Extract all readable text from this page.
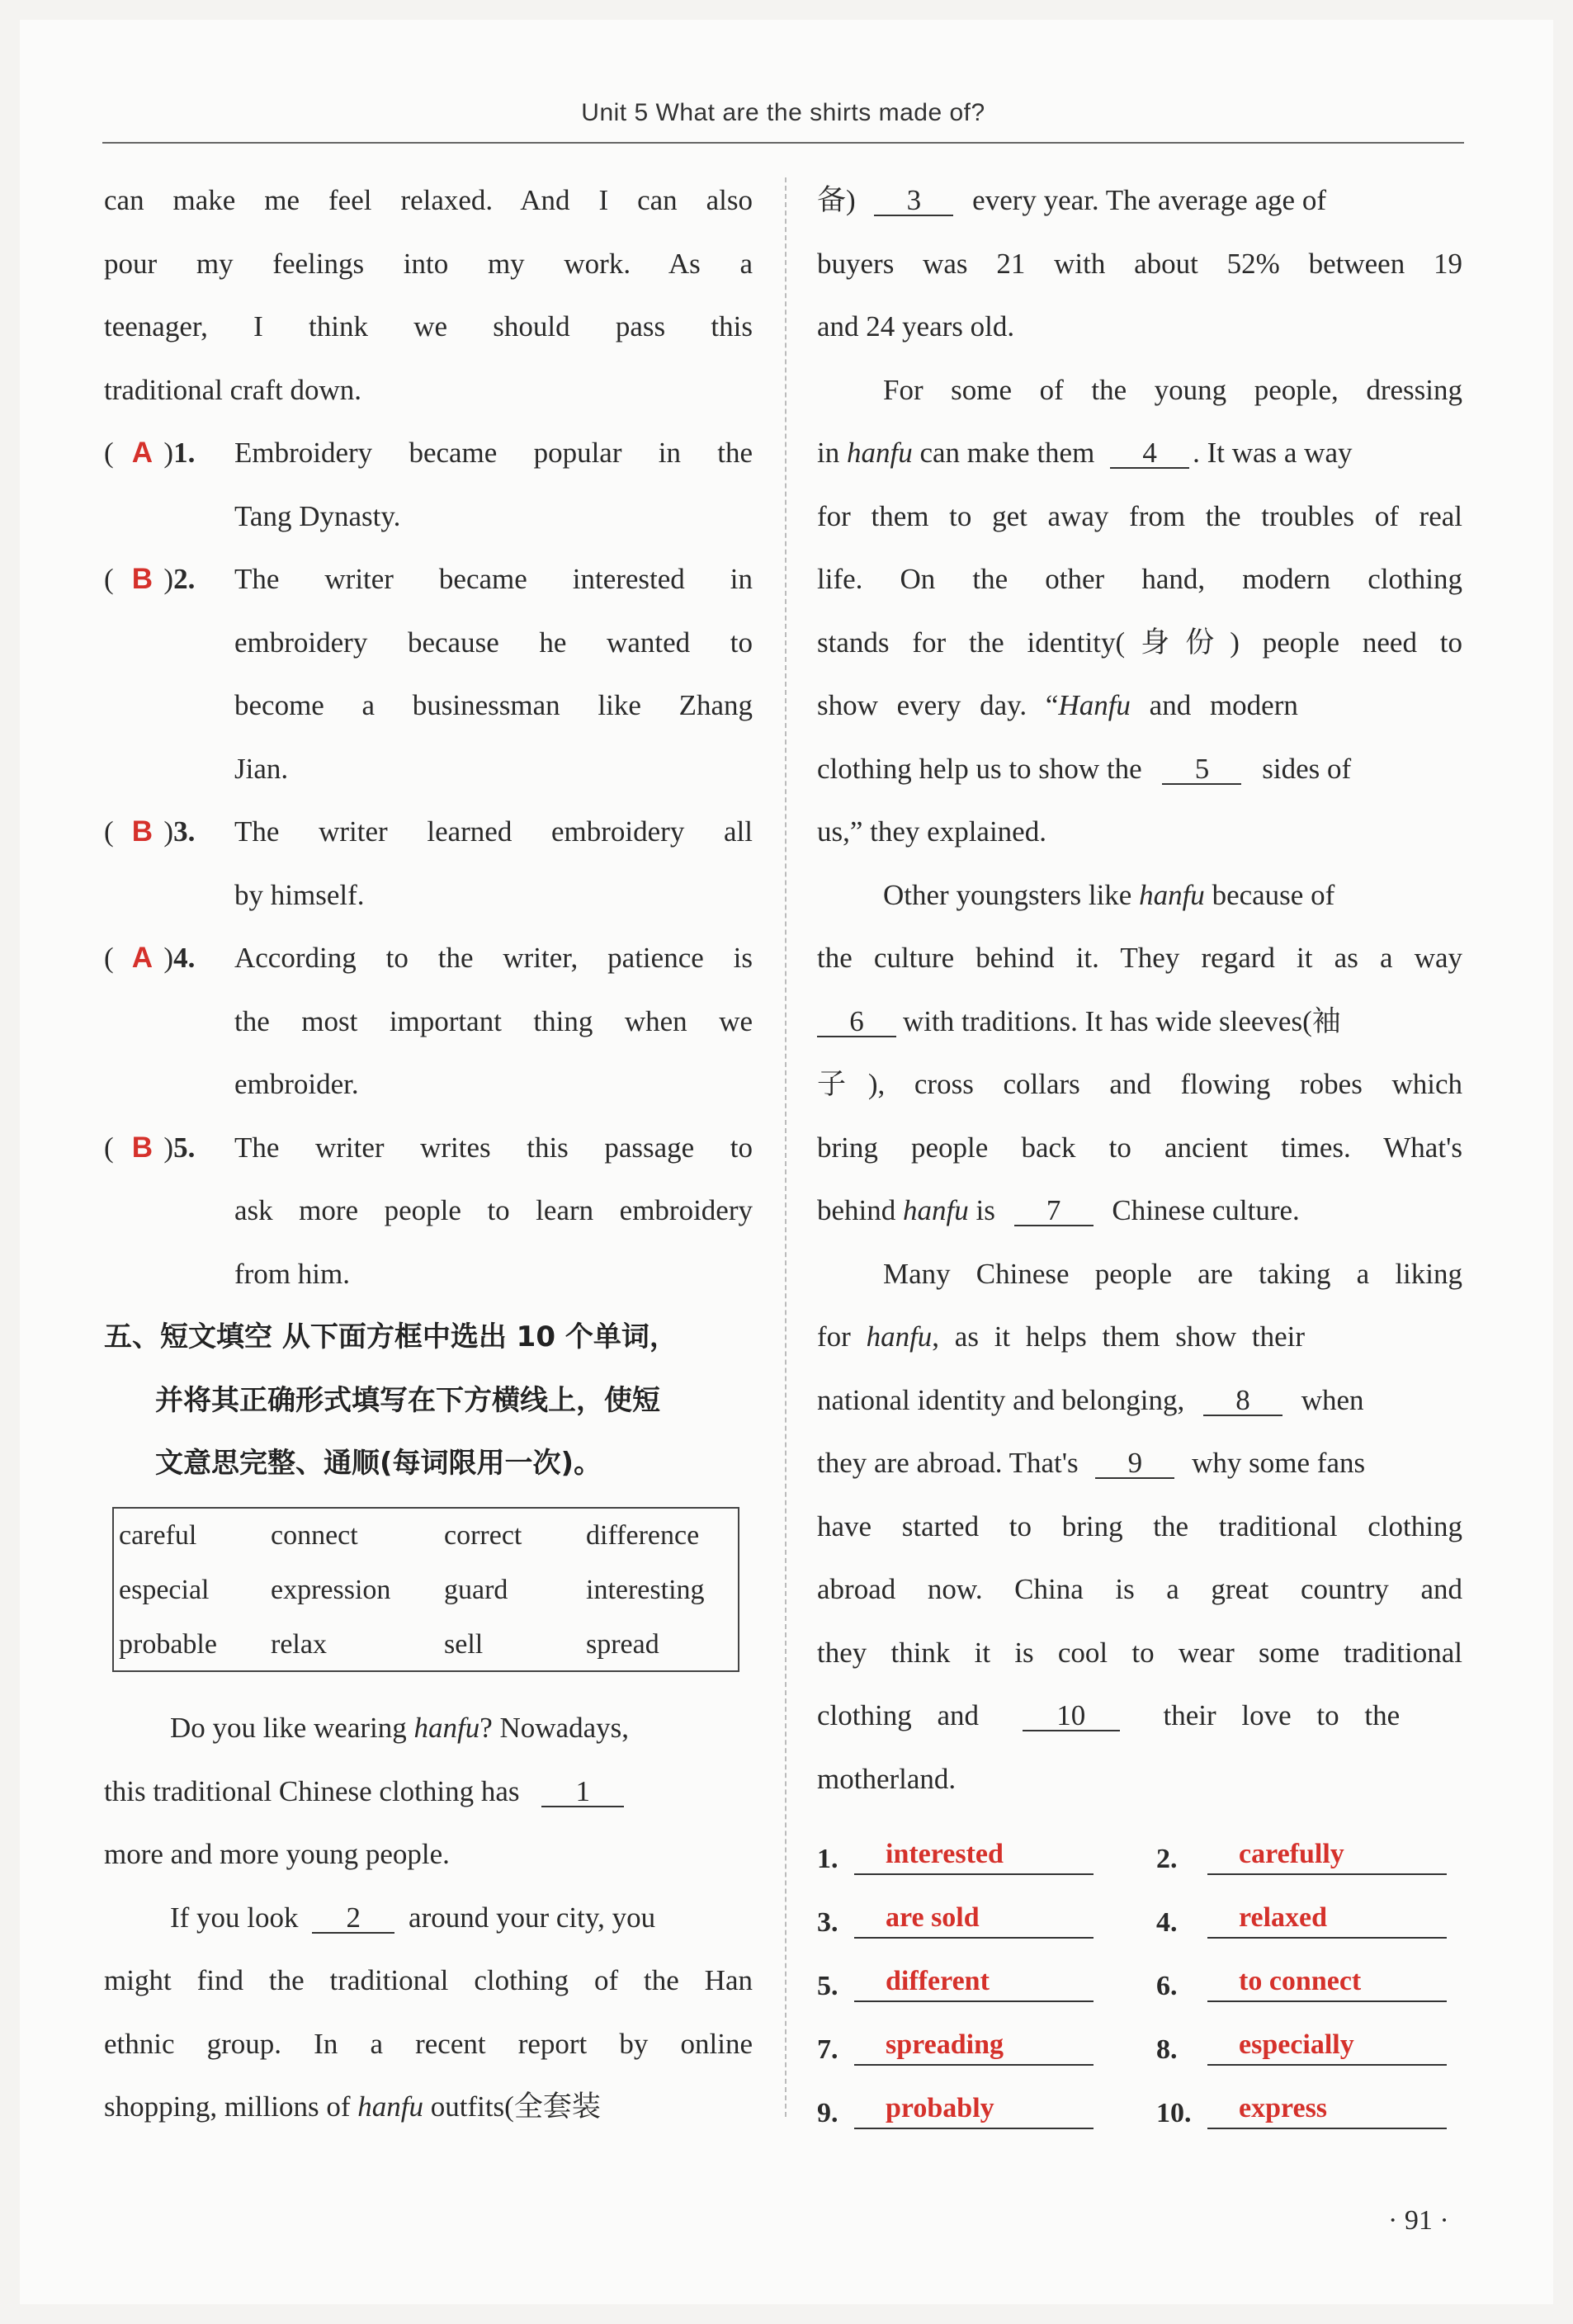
Unit 5 What are the shirts made of?
can make me feel relaxed. And I can also
pour my feelings into my work. As a
teenager, I think we should pass this
traditional craft down.
( A )1.	Embroidery became popular in the
Tang Dynasty.
( B )2.	The writer became interested in
embroidery because he wanted to
become a businessman like Zhang
Jian.
( B )3.	The writer learned embroidery all
by himself.
( A )4.	According to the writer, patience is
the most important thing when we
embroider.
( B )5.	The writer writes this passage to
ask more people to learn embroidery
from him.
五、短文填空 从下面方框中选出 10 个单词，
并将其正确形式填写在下方横线上，使短
文意思完整、通顺(每词限用一次)。
careful	connect	correct	difference
especial	expression	guard	interesting
probable	relax	sell	spread
Do you like wearing hanfu? Nowadays,
this traditional Chinese clothing has 1
more and more young people.
If you look 2 around your city, you
might find the traditional clothing of the Han
ethnic group. In a recent report by online
shopping, millions of hanfu outfits(全套装
备) 3 every year. The average age of
buyers was 21 with about 52% between 19
and 24 years old.
For some of the young people, dressing
in hanfu can make them 4 . It was a way
for them to get away from the troubles of real
life. On the other hand, modern clothing
stands for the identity(身份) people need to
show every day. “Hanfu and modern
clothing help us to show the 5 sides of
us,” they explained.
Other youngsters like hanfu because of
the culture behind it. They regard it as a way
6 with traditions. It has wide sleeves(袖
子), cross collars and flowing robes which
bring people back to ancient times. What's
behind hanfu is 7 Chinese culture.
Many Chinese people are taking a liking
for hanfu, as it helps them show their
national identity and belonging, 8 when
they are abroad. That's 9 why some fans
have started to bring the traditional clothing
abroad now. China is a great country and
they think it is cool to wear some traditional
clothing and	10	their love to the
motherland.
1.	interested	2.	carefully
3.	are sold	4.	relaxed
5.	different	6.	to connect
7.	spreading	8.	especially
9.	probably	10.	express
· 91 ·
